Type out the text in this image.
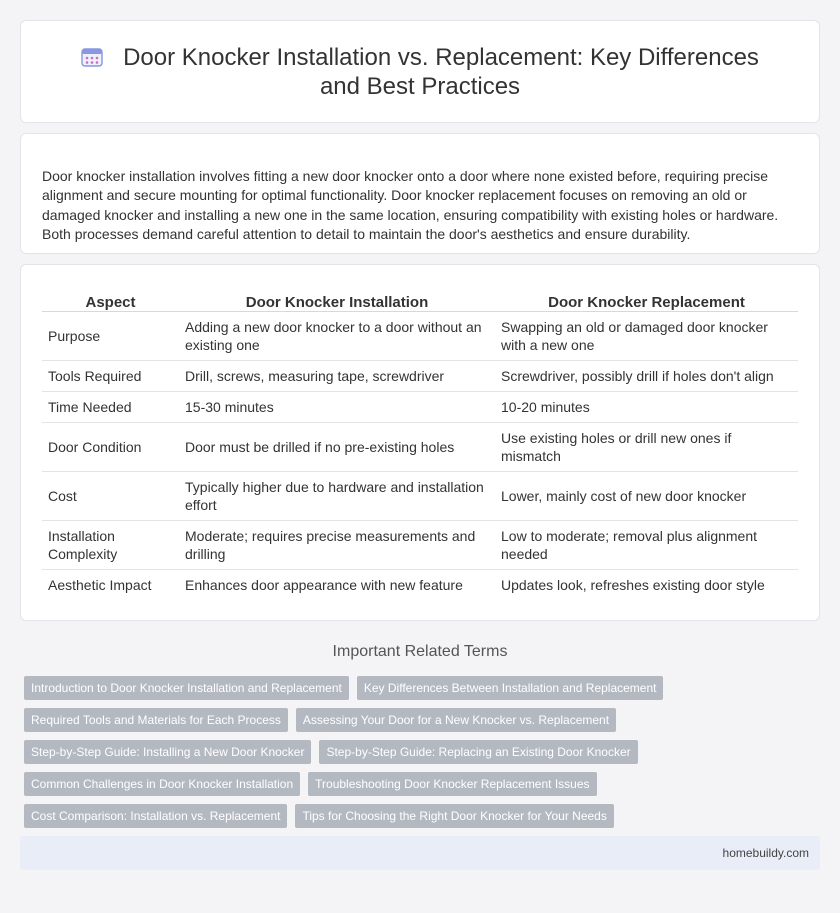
Door Knocker Installation vs. Replacement: Key Differences and Best Practices

Door knocker installation involves fitting a new door knocker onto a door where none existed before, requiring precise alignment and secure mounting for optimal functionality. Door knocker replacement focuses on removing an old or damaged knocker and installing a new one in the same location, ensuring compatibility with existing holes or hardware. Both processes demand careful attention to detail to maintain the door's aesthetics and ensure durability.

Aspect	Door Knocker Installation	Door Knocker Replacement
Purpose	Adding a new door knocker to a door without an existing one	Swapping an old or damaged door knocker with a new one
Tools Required	Drill, screws, measuring tape, screwdriver	Screwdriver, possibly drill if holes don't align
Time Needed	15-30 minutes	10-20 minutes
Door Condition	Door must be drilled if no pre-existing holes	Use existing holes or drill new ones if mismatch
Cost	Typically higher due to hardware and installation effort	Lower, mainly cost of new door knocker
Installation Complexity	Moderate; requires precise measurements and drilling	Low to moderate; removal plus alignment needed
Aesthetic Impact	Enhances door appearance with new feature	Updates look, refreshes existing door style
Important Related Terms
Introduction to Door Knocker Installation and Replacement	Key Differences Between Installation and Replacement
Required Tools and Materials for Each Process	Assessing Your Door for a New Knocker vs. Replacement
Step-by-Step Guide: Installing a New Door Knocker	Step-by-Step Guide: Replacing an Existing Door Knocker
Common Challenges in Door Knocker Installation	Troubleshooting Door Knocker Replacement Issues
Cost Comparison: Installation vs. Replacement	Tips for Choosing the Right Door Knocker for Your Needs
homebuildy.com
